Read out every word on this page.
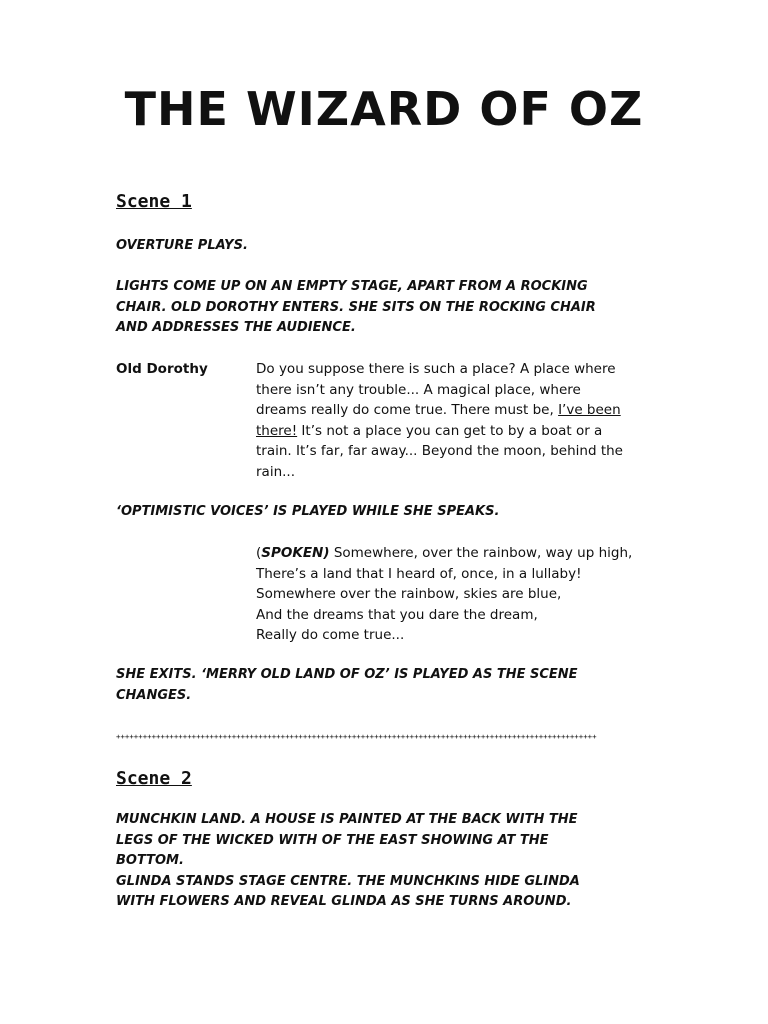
THE WIZARD OF OZ
Scene 1

OVERTURE PLAYS.

LIGHTS COME UP ON AN EMPTY STAGE, APART FROM A ROCKING
CHAIR. OLD DOROTHY ENTERS. SHE SITS ON THE ROCKING CHAIR
AND ADDRESSES THE AUDIENCE.

Old Dorothy	Do you suppose there is such a place? A place where
there isn’t any trouble... A magical place, where
dreams really do come true. There must be, I’ve been
there! It’s not a place you can get to by a boat or a
train. It’s far, far away... Beyond the moon, behind the
rain...

‘OPTIMISTIC VOICES’ IS PLAYED WHILE SHE SPEAKS.

(SPOKEN) Somewhere, over the rainbow, way up high,
There’s a land that I heard of, once, in a lullaby!
Somewhere over the rainbow, skies are blue,
And the dreams that you dare the dream,
Really do come true...
SHE EXITS. ‘MERRY OLD LAND OF OZ’ IS PLAYED AS THE SCENE
CHANGES.
++++++++++++++++++++++++++++++++++++++++++++++++++++++++++++++++++++++++++++++++++++++++++++++++++++++++++++
Scene 2
MUNCHKIN LAND. A HOUSE IS PAINTED AT THE BACK WITH THE
LEGS OF THE WICKED WITH OF THE EAST SHOWING AT THE
BOTTOM.
GLINDA STANDS STAGE CENTRE. THE MUNCHKINS HIDE GLINDA
WITH FLOWERS AND REVEAL GLINDA AS SHE TURNS AROUND.
